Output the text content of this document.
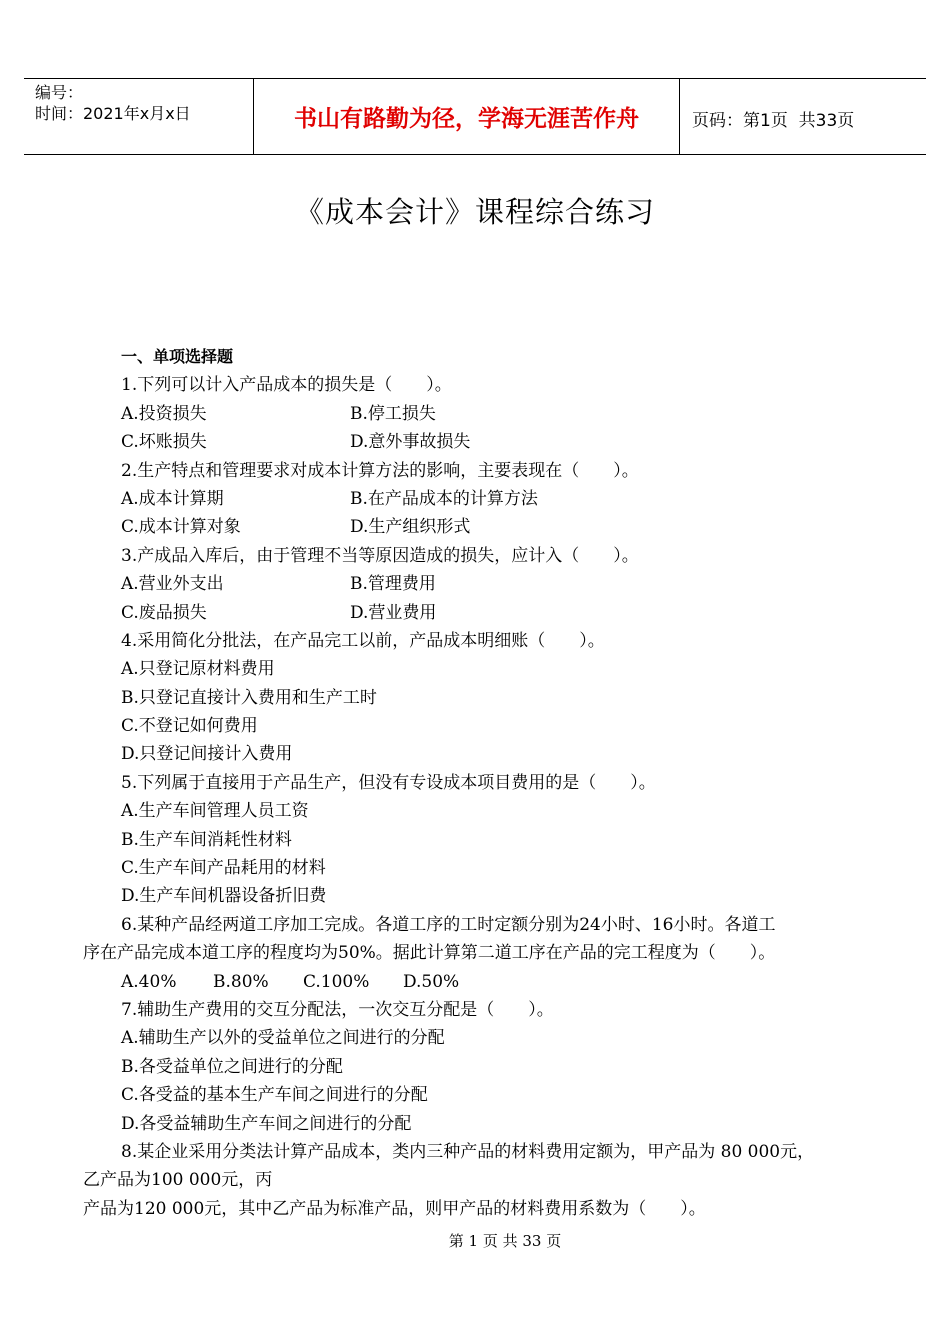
编号：
时间：2021年x月x日	书山有路勤为径，学海无涯苦作舟	页码：第1页  共33页
《成本会计》课程综合练习
一、单项选择题
1.下列可以计入产品成本的损失是（　　）。
A.投资损失	B.停工损失
C.坏账损失	D.意外事故损失
2.生产特点和管理要求对成本计算方法的影响，主要表现在（　　）。
A.成本计算期	B.在产品成本的计算方法
C.成本计算对象	D.生产组织形式
3.产成品入库后，由于管理不当等原因造成的损失，应计入（　　）。
A.营业外支出	B.管理费用
C.废品损失	D.营业费用
4.采用简化分批法，在产品完工以前，产品成本明细账（　　）。
A.只登记原材料费用
B.只登记直接计入费用和生产工时
C.不登记如何费用
D.只登记间接计入费用
5.下列属于直接用于产品生产，但没有专设成本项目费用的是（　　）。
A.生产车间管理人员工资
B.生产车间消耗性材料
C.生产车间产品耗用的材料
D.生产车间机器设备折旧费
6.某种产品经两道工序加工完成。各道工序的工时定额分别为24小时、16小时。各道工
序在产品完成本道工序的程度均为50%。据此计算第二道工序在产品的完工程度为（　　）。
A.40% B.80% C.100% D.50%
7.辅助生产费用的交互分配法，一次交互分配是（　　）。
A.辅助生产以外的受益单位之间进行的分配
B.各受益单位之间进行的分配
C.各受益的基本生产车间之间进行的分配
D.各受益辅助生产车间之间进行的分配
8.某企业采用分类法计算产品成本，类内三种产品的材料费用定额为，甲产品为 80 000元，
乙产品为100 000元，丙
产品为120 000元，其中乙产品为标准产品，则甲产品的材料费用系数为（　　）。
第 1 页 共 33 页
